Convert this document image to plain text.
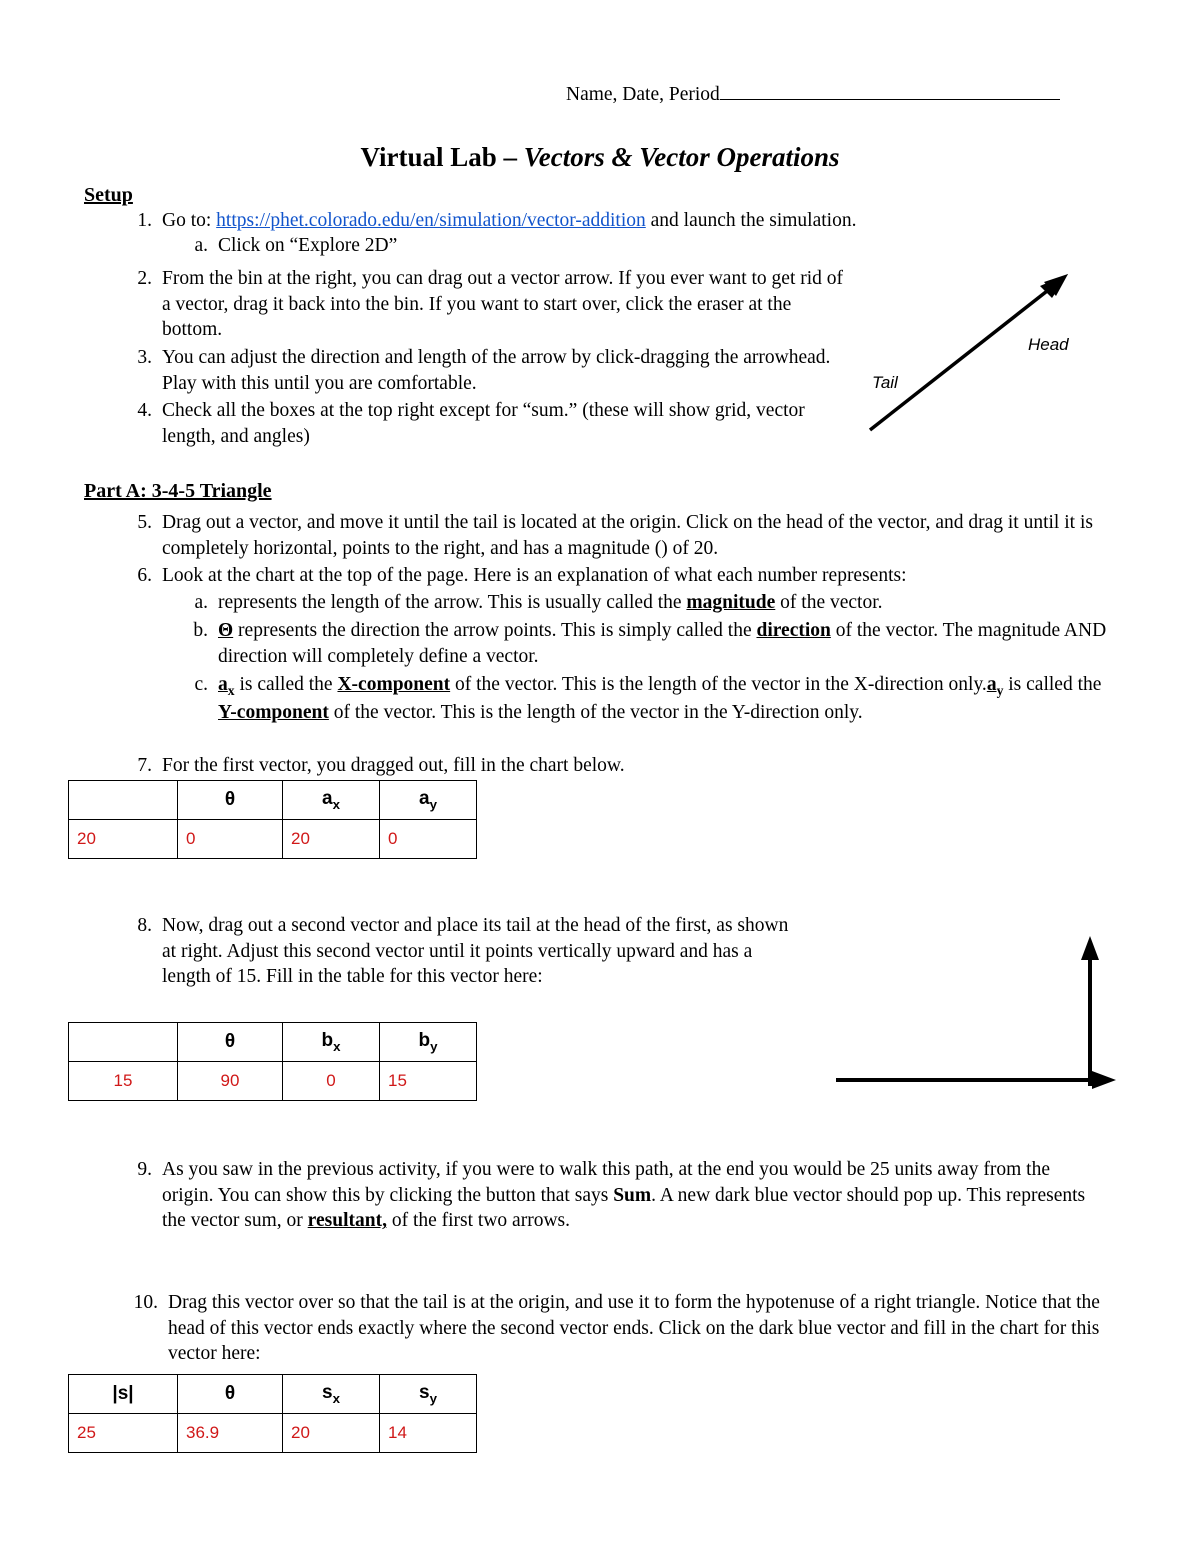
Name, Date, Period
Virtual Lab – Vectors & Vector Operations
Setup
1. Go to: https://phet.colorado.edu/en/simulation/vector-addition and launch the simulation.
a. Click on “Explore 2D”
2. From the bin at the right, you can drag out a vector arrow. If you ever want to get rid of a vector, drag it back into the bin. If you want to start over, click the eraser at the bottom.
3. You can adjust the direction and length of the arrow by click-dragging the arrowhead. Play with this until you are comfortable.
4. Check all the boxes at the top right except for “sum.” (these will show grid, vector length, and angles)
Head
Tail
Part A: 3-4-5 Triangle
5. Drag out a vector, and move it until the tail is located at the origin. Click on the head of the vector, and drag it until it is completely horizontal, points to the right, and has a magnitude () of 20.
6. Look at the chart at the top of the page. Here is an explanation of what each number represents:
a. represents the length of the arrow. This is usually called the magnitude of the vector.
b. Θ represents the direction the arrow points. This is simply called the direction of the vector. The magnitude AND direction will completely define a vector.
c. $a_x$ is called the X-component of the vector. This is the length of the vector in the X-direction $only.a_y$ is called the Y-component of the vector. This is the length of the vector in the Y-direction only.
7. For the first vector, you dragged out, fill in the chart below.
	θ	$a_x$	$a_y$
20	0	20	0
8. Now, drag out a second vector and place its tail at the head of the first, as shown at right. Adjust this second vector until it points vertically upward and has a length of 15. Fill in the table for this vector here:
	θ	$b_x$	$b_y$
15	90	0	15
9. As you saw in the previous activity, if you were to walk this path, at the end you would be 25 units away from the origin. You can show this by clicking the button that says Sum. A new dark blue vector should pop up. This represents the vector sum, or resultant, of the first two arrows.
10. Drag this vector over so that the tail is at the origin, and use it to form the hypotenuse of a right triangle. Notice that the head of this vector ends exactly where the second vector ends. Click on the dark blue vector and fill in the chart for this vector here:
|s|	θ	$s_x$	$s_y$
25	36.9	20	14
